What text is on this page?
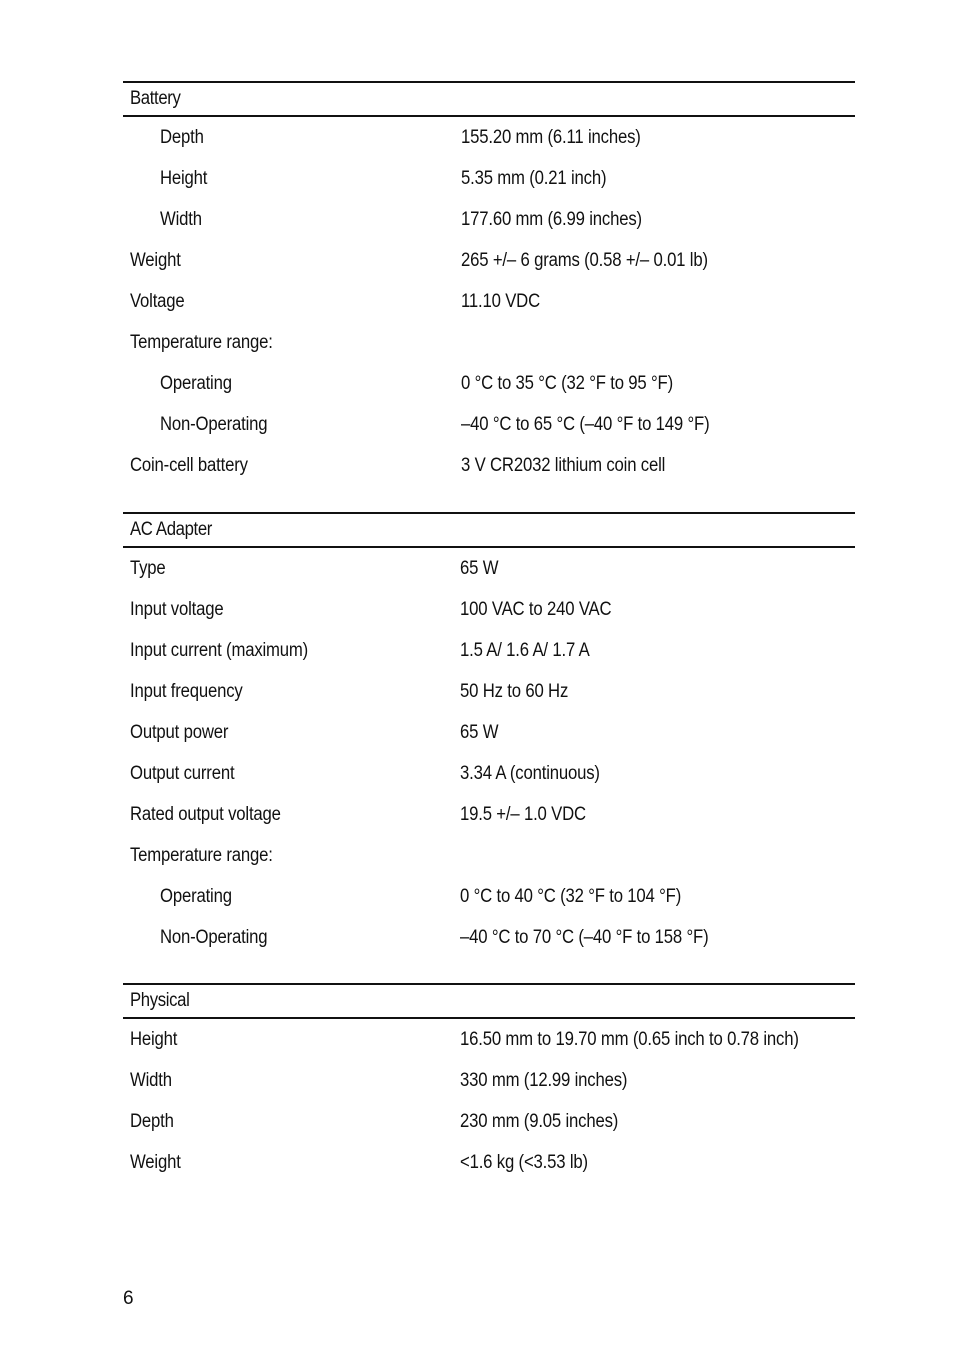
Battery
Depth	155.20 mm (6.11 inches)
Height	5.35 mm (0.21 inch)
Width	177.60 mm (6.99 inches)
Weight	265 +/– 6 grams (0.58 +/– 0.01 lb)
Voltage	11.10 VDC
Temperature range:
Operating	0 °C to 35 °C (32 °F to 95 °F)
Non-Operating	–40 °C to 65 °C (–40 °F to 149 °F)
Coin-cell battery	3 V CR2032 lithium coin cell
AC Adapter
Type	65 W
Input voltage	100 VAC to 240 VAC
Input current (maximum)	1.5 A/ 1.6 A/ 1.7 A
Input frequency	50 Hz to 60 Hz
Output power	65 W
Output current	3.34 A (continuous)
Rated output voltage	19.5 +/– 1.0 VDC
Temperature range:
Operating	0 °C to 40 °C (32 °F to 104 °F)
Non-Operating	–40 °C to 70 °C (–40 °F to 158 °F)
Physical
Height	16.50 mm to 19.70 mm (0.65 inch to 0.78 inch)
Width	330 mm (12.99 inches)
Depth	230 mm (9.05 inches)
Weight	<1.6 kg (<3.53 lb)
6
